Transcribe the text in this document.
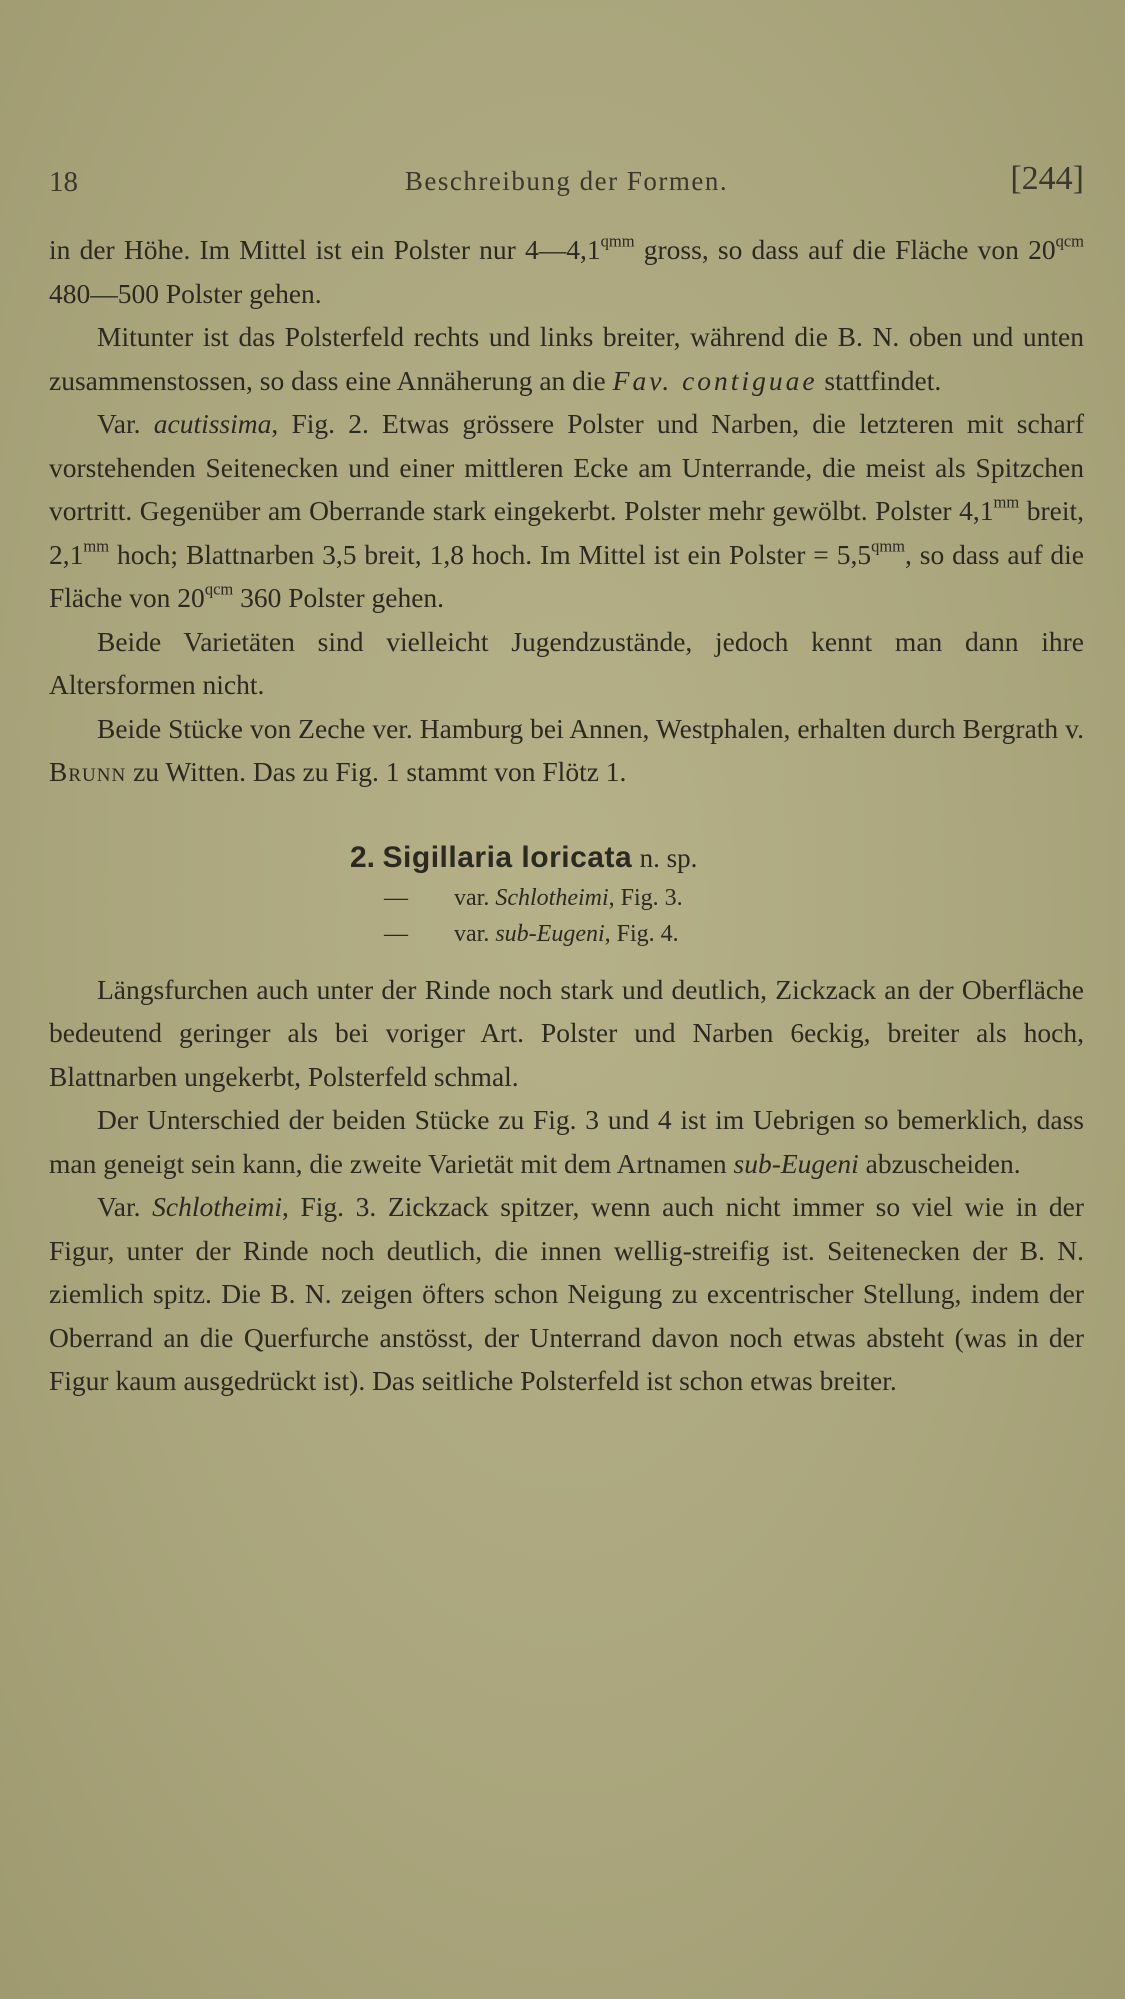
18	Beschreibung der Formen.	[244]

in der Höhe. Im Mittel ist ein Polster nur $4—4,1^{qmm}$ gross, so dass auf die Fläche von $20^{qcm}$ 480—500 Polster gehen.

Mitunter ist das Polsterfeld rechts und links breiter, während die B. N. oben und unten zusammenstossen, so dass eine Annäherung an die Fav. contiguae stattfindet.

Var. acutissima, Fig. 2. Etwas grössere Polster und Narben, die letzteren mit scharf vorstehenden Seitenecken und einer mittleren Ecke am Unterrande, die meist als Spitzchen vortritt. Gegenüber am Oberrande stark eingekerbt. Polster mehr gewölbt. Polster $4,1^{mm}$ breit, $2,1^{mm}$ hoch; Blattnarben 3,5 breit, 1,8 hoch. Im Mittel ist ein Polster = $5,5^{qmm}$, so dass auf die Fläche von $20^{qcm}$ 360 Polster gehen.

Beide Varietäten sind vielleicht Jugendzustände, jedoch kennt man dann ihre Altersformen nicht.

Beide Stücke von Zeche ver. Hamburg bei Annen, Westphalen, erhalten durch Bergrath v. Brunn zu Witten. Das zu Fig. 1 stammt von Flötz 1.

2. Sigillaria loricata n. sp.
— var. Schlotheimi, Fig. 3.
— var. sub-Eugeni, Fig. 4.

Längsfurchen auch unter der Rinde noch stark und deutlich, Zickzack an der Oberfläche bedeutend geringer als bei voriger Art. Polster und Narben 6eckig, breiter als hoch, Blattnarben ungekerbt, Polsterfeld schmal.

Der Unterschied der beiden Stücke zu Fig. 3 und 4 ist im Uebrigen so bemerklich, dass man geneigt sein kann, die zweite Varietät mit dem Artnamen sub-Eugeni abzuscheiden.

Var. Schlotheimi, Fig. 3. Zickzack spitzer, wenn auch nicht immer so viel wie in der Figur, unter der Rinde noch deutlich, die innen wellig-streifig ist. Seitenecken der B. N. ziemlich spitz. Die B. N. zeigen öfters schon Neigung zu excentrischer Stellung, indem der Oberrand an die Querfurche anstösst, der Unterrand davon noch etwas absteht (was in der Figur kaum ausgedrückt ist). Das seitliche Polsterfeld ist schon etwas breiter.
